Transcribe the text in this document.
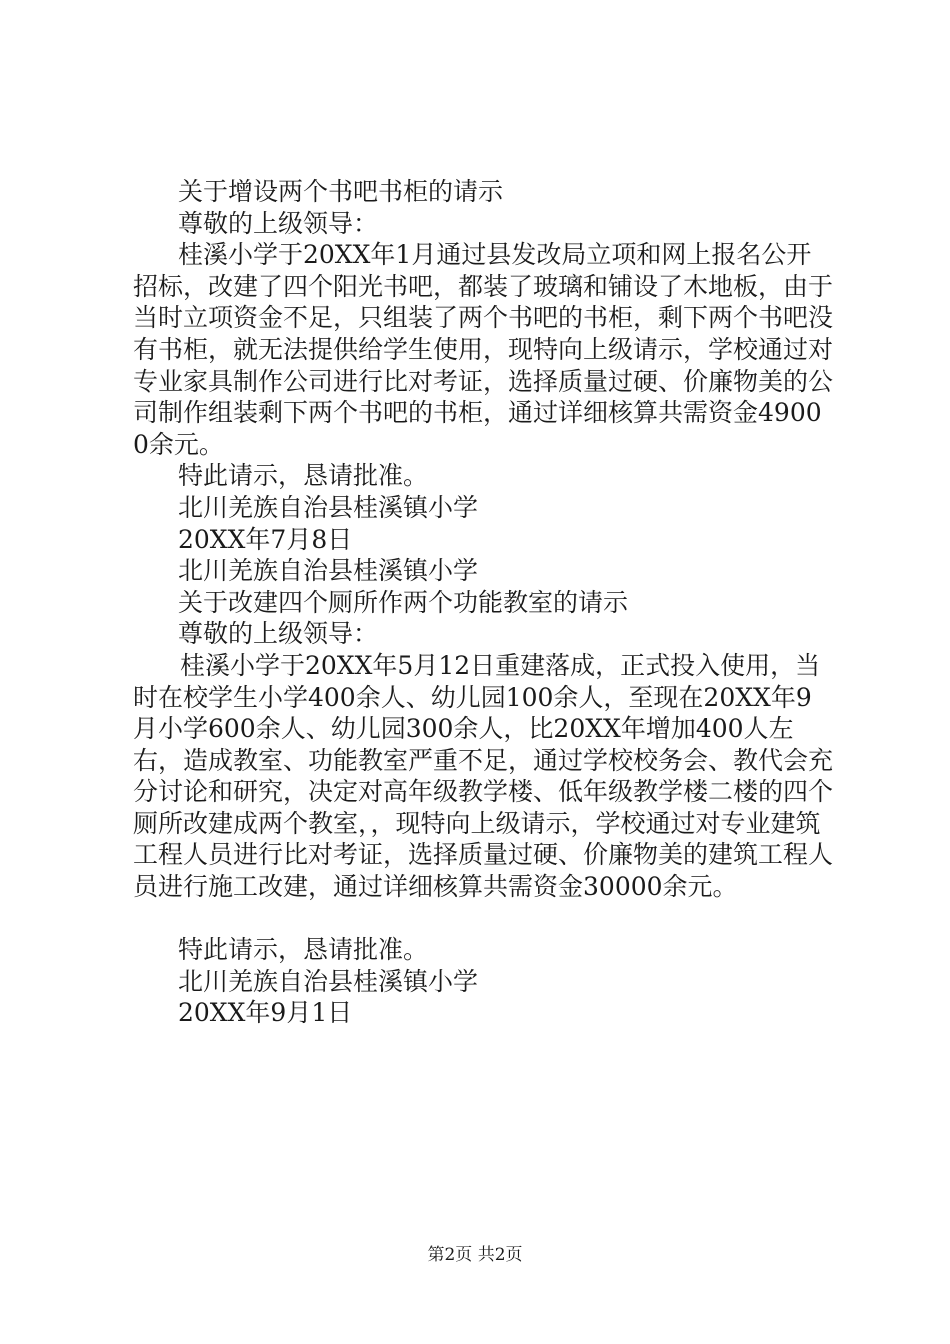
关于增设两个书吧书柜的请示

尊敬的上级领导：

桂溪小学于20XX年1月通过县发改局立项和网上报名公开招标，改建了四个阳光书吧，都装了玻璃和铺设了木地板，由于当时立项资金不足，只组装了两个书吧的书柜，剩下两个书吧没有书柜，就无法提供给学生使用，现特向上级请示，学校通过对专业家具制作公司进行比对考证，选择质量过硬、价廉物美的公司制作组装剩下两个书吧的书柜，通过详细核算共需资金49000余元。

特此请示，恳请批准。

北川羌族自治县桂溪镇小学

20XX年7月8日

北川羌族自治县桂溪镇小学

关于改建四个厕所作两个功能教室的请示

尊敬的上级领导：

桂溪小学于20XX年5月12日重建落成，正式投入使用，当时在校学生小学400余人、幼儿园100余人，至现在20XX年9月小学600余人、幼儿园300余人，比20XX年增加400人左右，造成教室、功能教室严重不足，通过学校校务会、教代会充分讨论和研究，决定对高年级教学楼、低年级教学楼二楼的四个厕所改建成两个教室，，现特向上级请示，学校通过对专业建筑工程人员进行比对考证，选择质量过硬、价廉物美的建筑工程人员进行施工改建，通过详细核算共需资金30000余元。

特此请示，恳请批准。

北川羌族自治县桂溪镇小学

20XX年9月1日

第2页 共2页
